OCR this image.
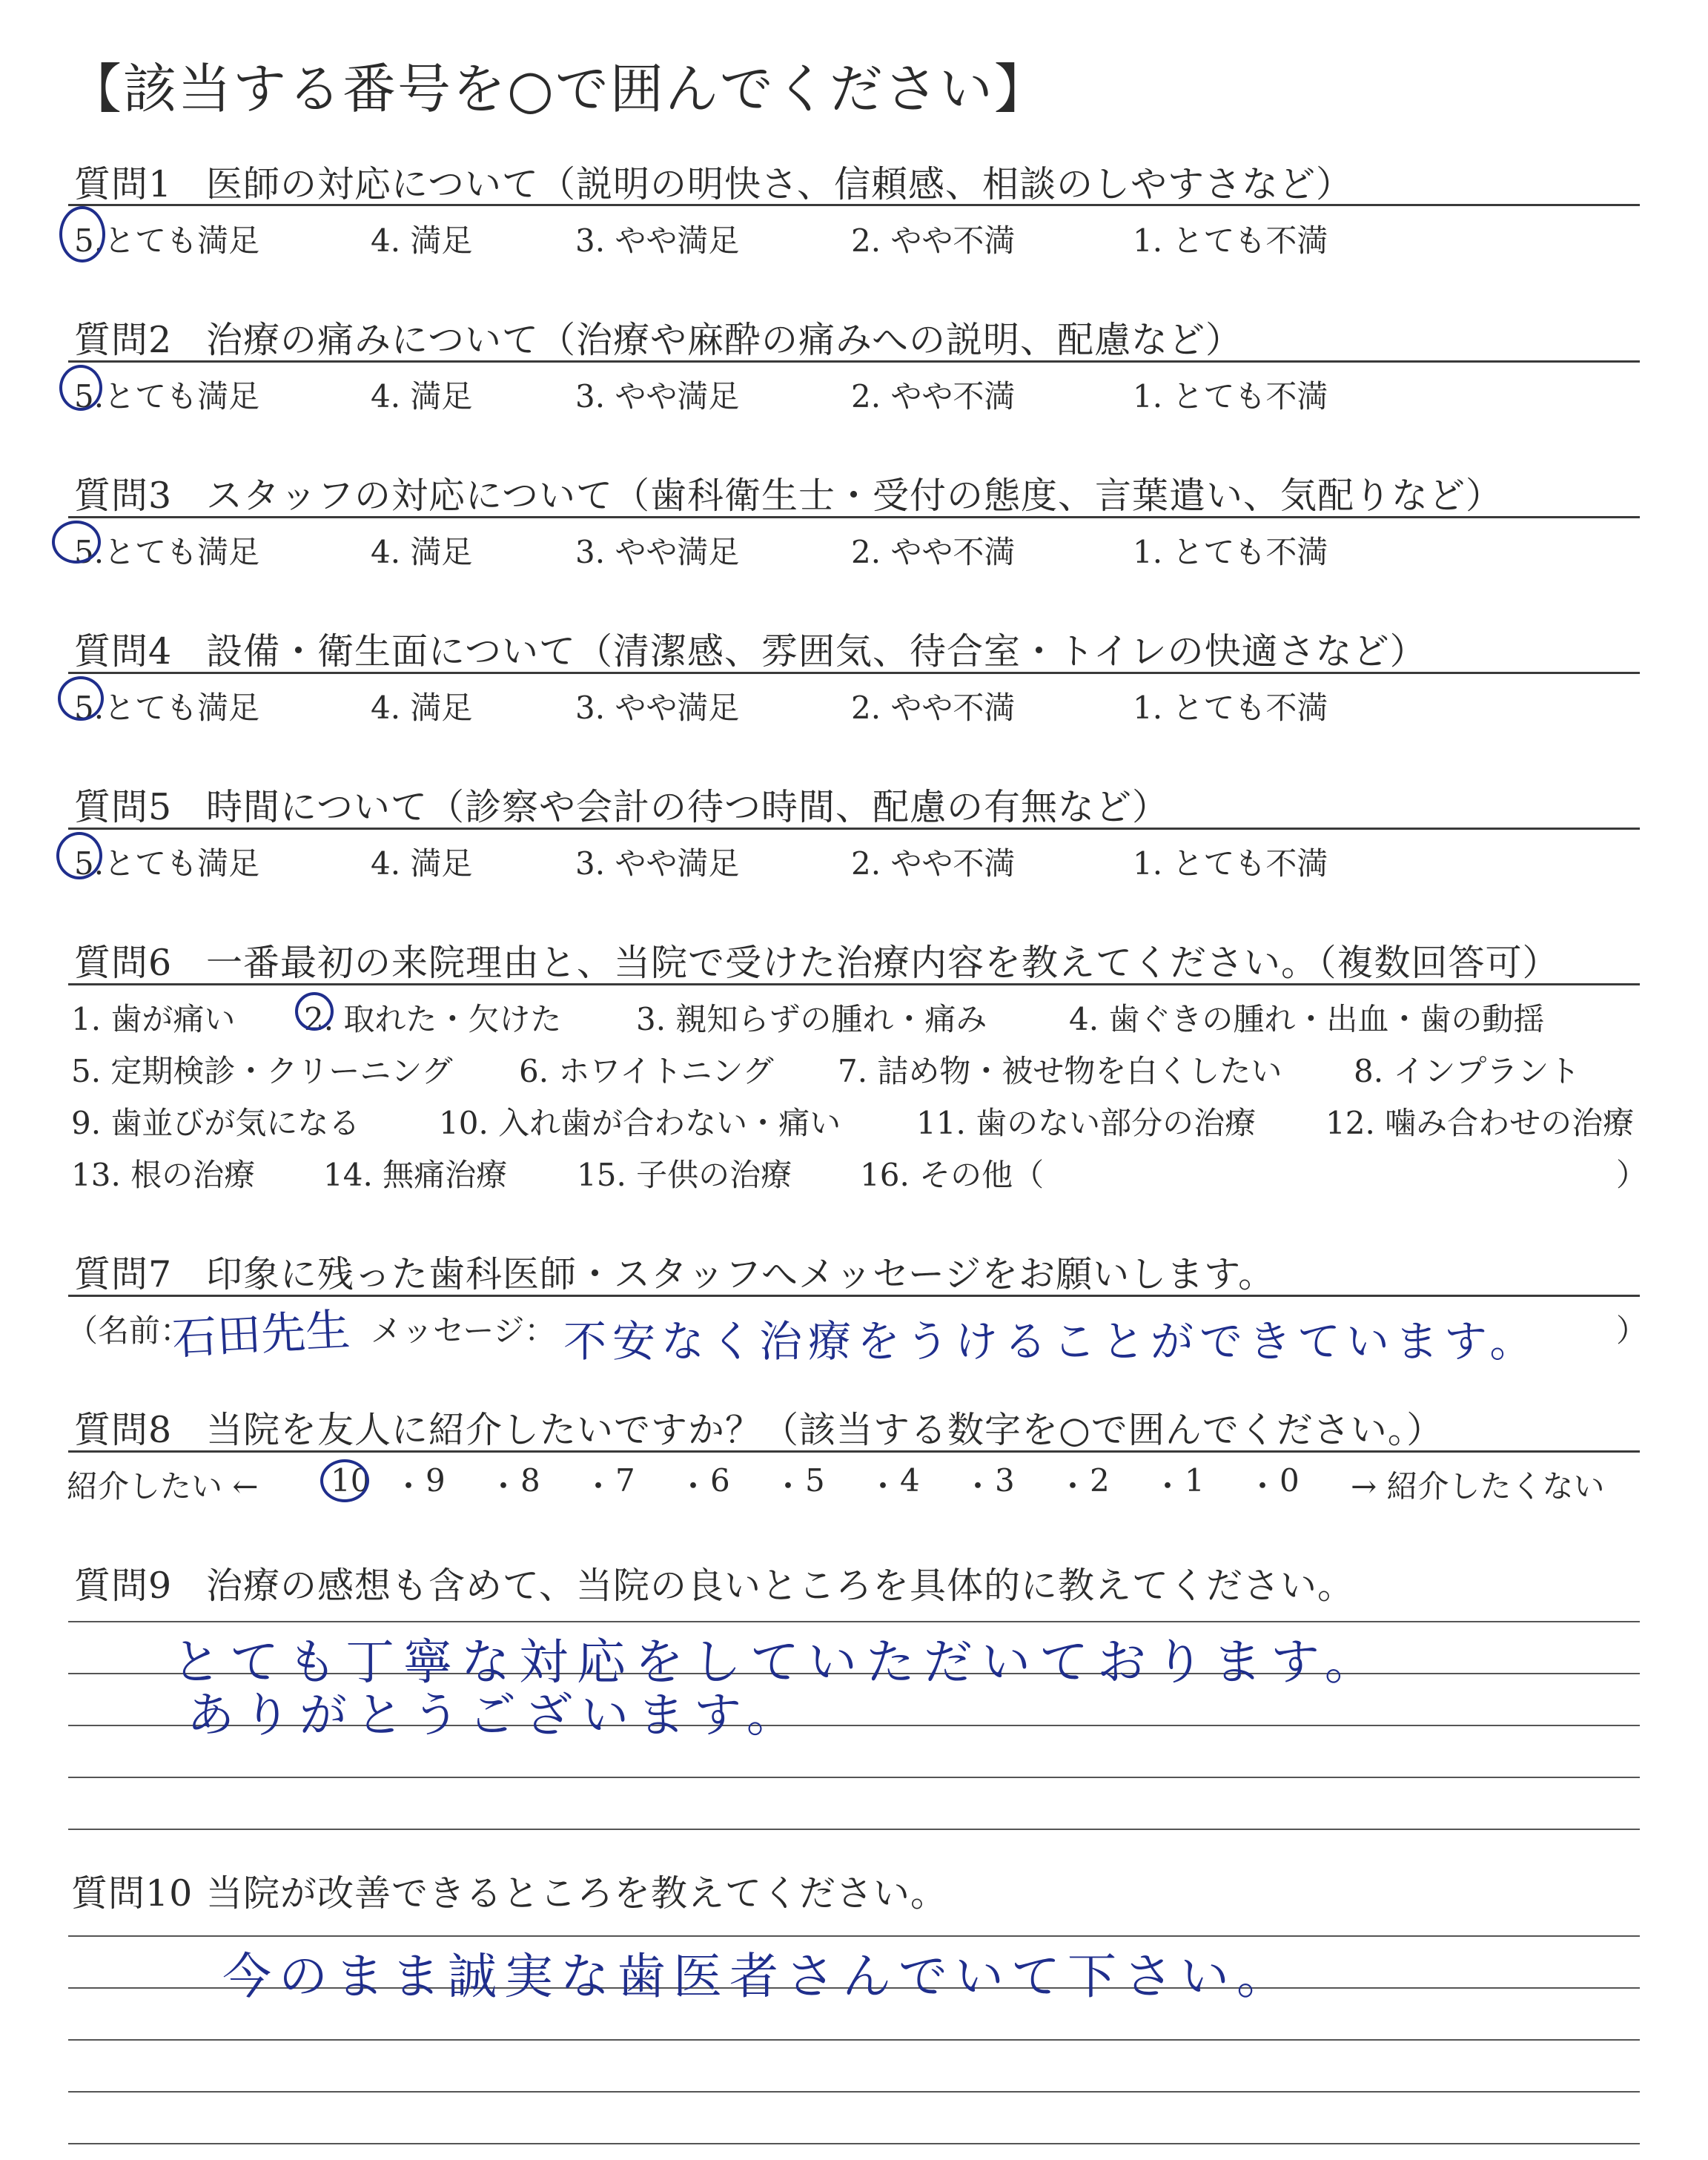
【該当する番号を○で囲んでください】
質問1 医師の対応について（説明の明快さ、信頼感、相談のしやすさなど）
5.とても満足	4. 満足	3. やや満足	2. やや不満	1. とても不満
質問2 治療の痛みについて（治療や麻酔の痛みへの説明、配慮など）
5.とても満足	4. 満足	3. やや満足	2. やや不満	1. とても不満
質問3 スタッフの対応について（歯科衛生士・受付の態度、言葉遣い、気配りなど）
5.とても満足	4. 満足	3. やや満足	2. やや不満	1. とても不満
質問4 設備・衛生面について（清潔感、雰囲気、待合室・トイレの快適さなど）
5.とても満足	4. 満足	3. やや満足	2. やや不満	1. とても不満
質問5 時間について（診察や会計の待つ時間、配慮の有無など）
5.とても満足	4. 満足	3. やや満足	2. やや不満	1. とても不満
質問6 一番最初の来院理由と、当院で受けた治療内容を教えてください。（複数回答可）
1. 歯が痛い 2. 取れた・欠けた 3. 親知らずの腫れ・痛み	4. 歯ぐきの腫れ・出血・歯の動揺
5. 定期検診・クリーニング 6. ホワイトニング 7. 詰め物・被せ物を白くしたい 8. インプラント
9. 歯並びが気になる	10. 入れ歯が合わない・痛い 11. 歯のない部分の治療 12. 噛み合わせの治療
13. 根の治療 14. 無痛治療 15. 子供の治療 16. その他（	）
質問7 印象に残った歯科医師・スタッフへメッセージをお願いします。
（名前：
石田先生 メッセージ： 不安なく治療をうけることができています。 ）
質問8 当院を友人に紹介したいですか？（該当する数字を○で囲んでください。）
紹介したい ←	→ 紹介したくない
10 ・ 9 ・ 8 ・ 7 ・ 6 ・ 5 ・ 4 ・ 3 ・ 2 ・ 1 ・ 0
質問9 治療の感想も含めて、当院の良いところを具体的に教えてください。
とても丁寧な対応をしていただいております。
ありがとうございます。
質問10 当院が改善できるところを教えてください。
今のまま誠実な歯医者さんでいて下さい。
